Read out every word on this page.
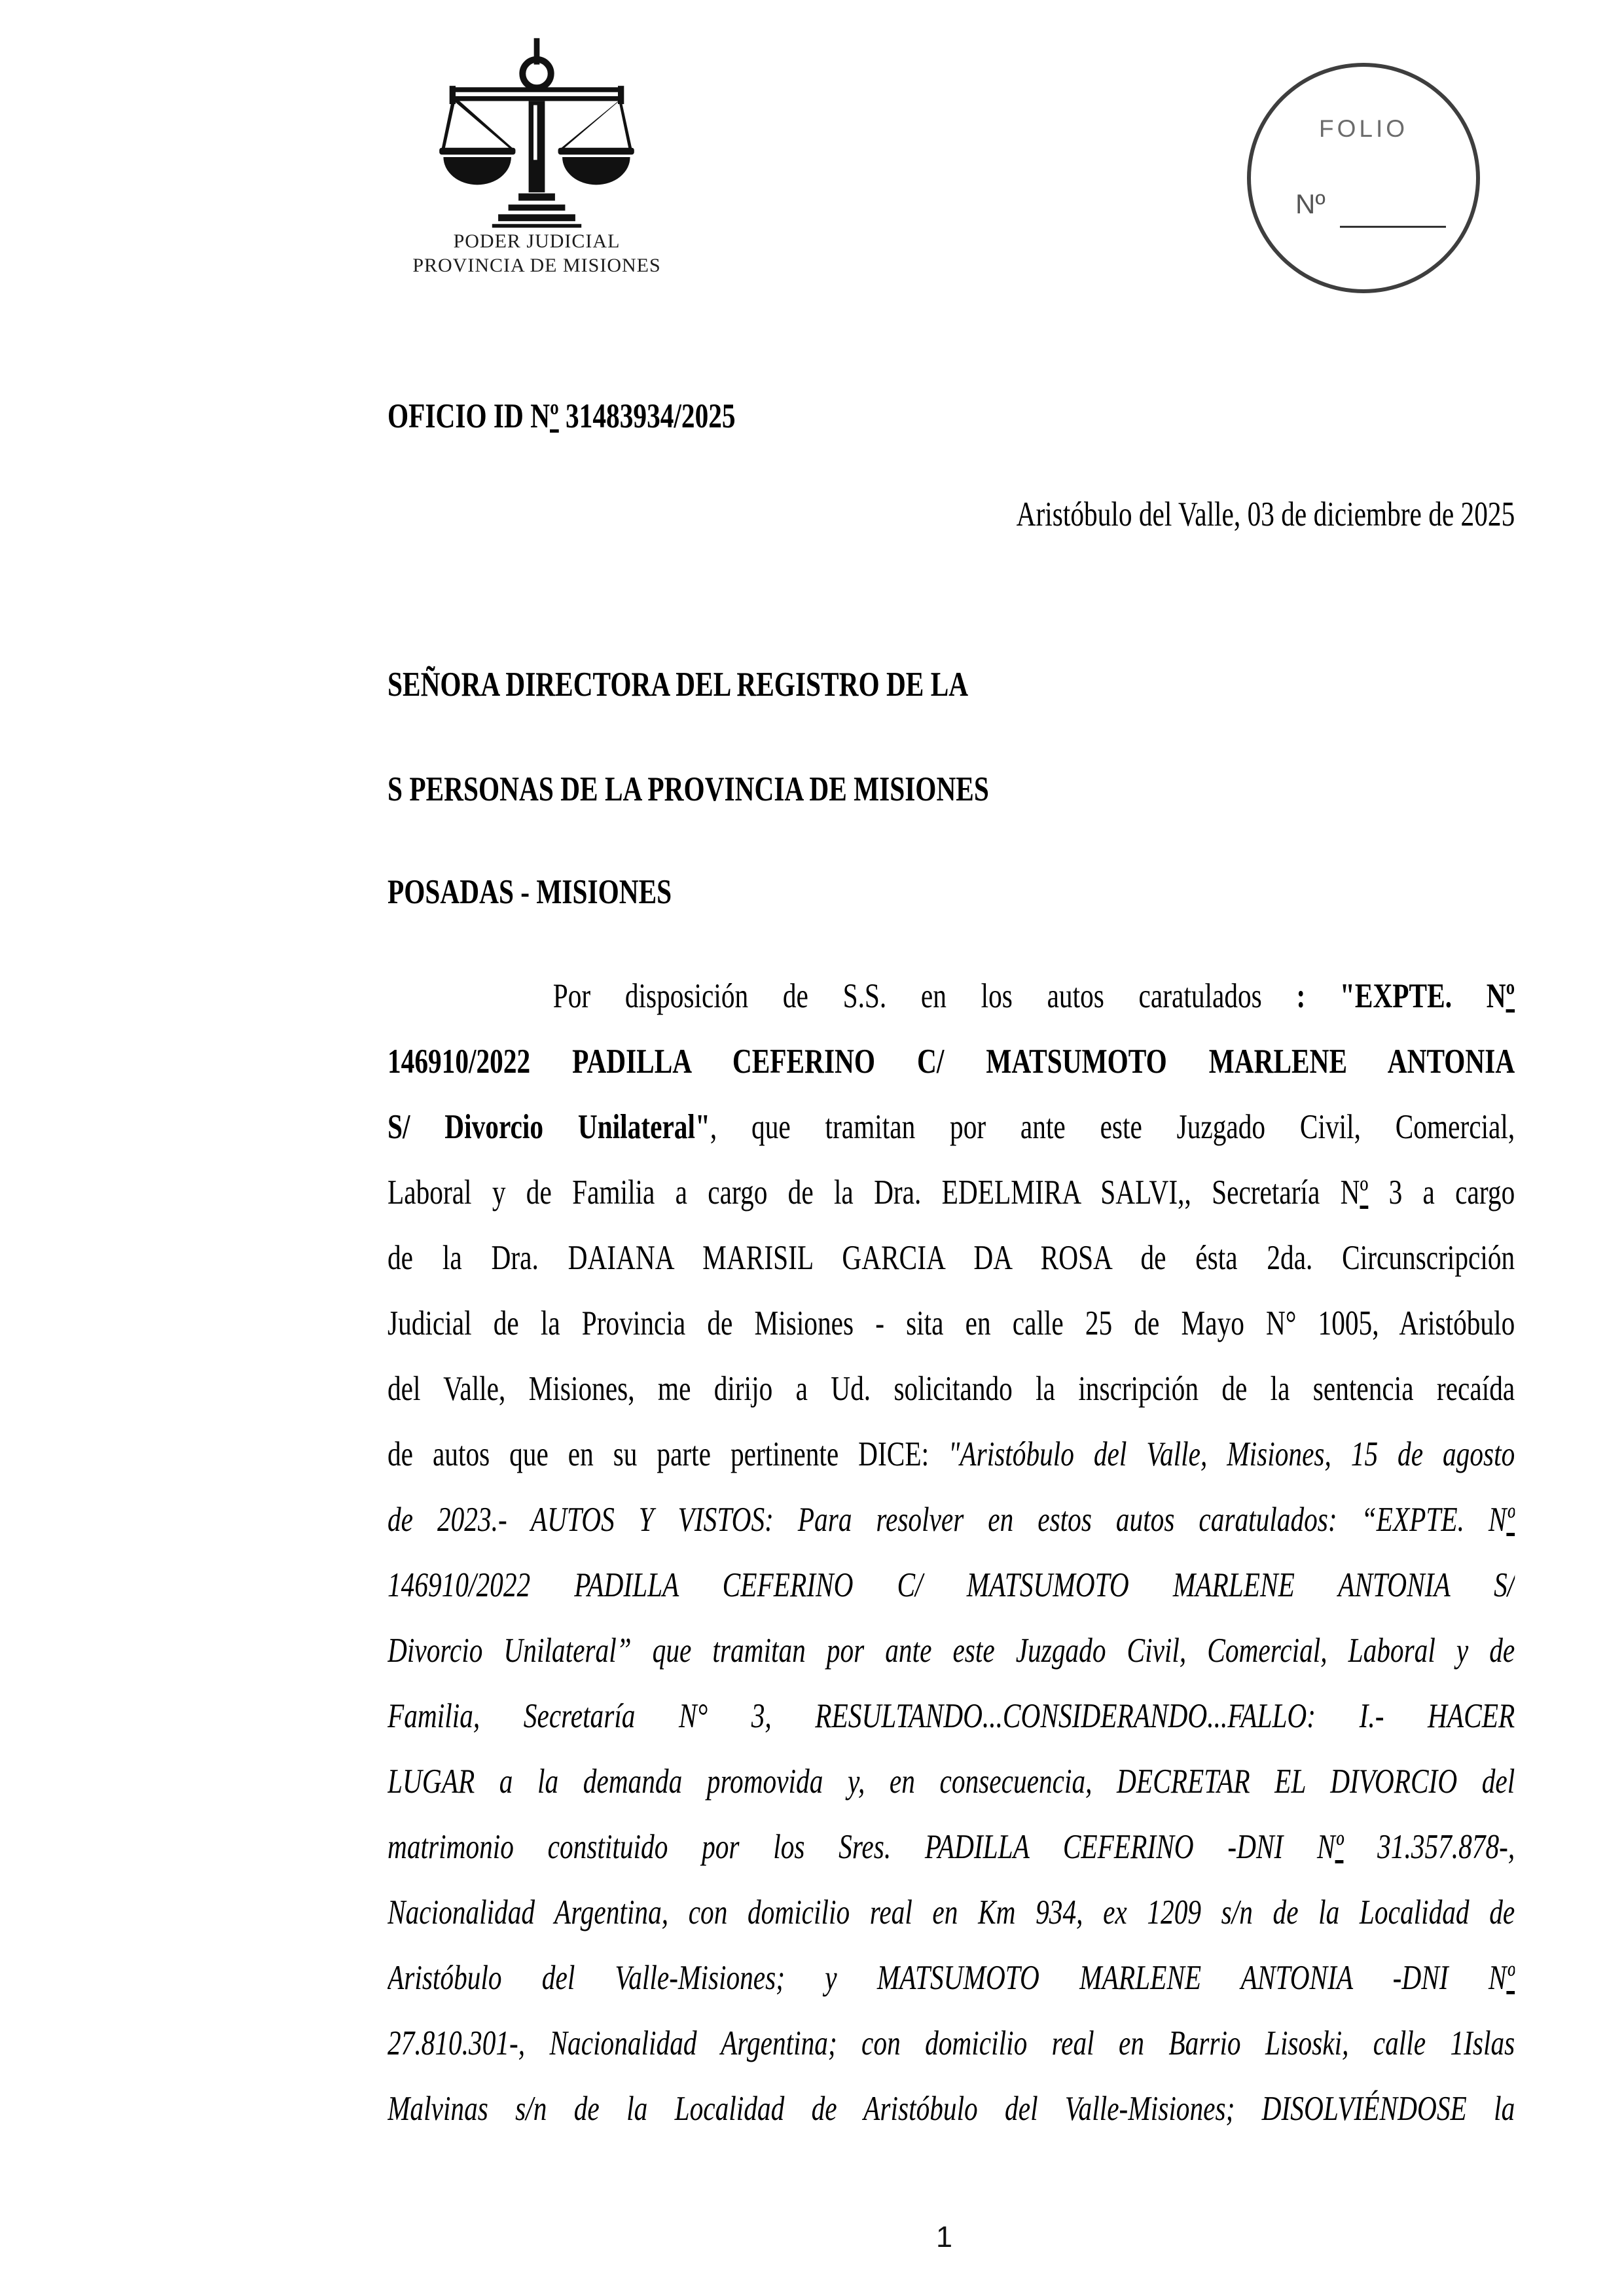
PODER JUDICIAL
PROVINCIA DE MISIONES
FOLIO
Nº
OFICIO ID Nº 31483934/2025
Aristóbulo del Valle, 03 de diciembre de 2025
SEÑORA DIRECTORA DEL REGISTRO DE LA
S PERSONAS DE LA PROVINCIA DE MISIONES
POSADAS - MISIONES
Por disposición de S.S. en los autos caratulados : "EXPTE. Nº
146910/2022 PADILLA CEFERINO C/ MATSUMOTO MARLENE ANTONIA
S/ Divorcio Unilateral", que tramitan por ante este Juzgado Civil, Comercial,
Laboral y de Familia a cargo de la Dra. EDELMIRA SALVI,, Secretaría Nº 3 a cargo
de la Dra. DAIANA MARISIL GARCIA DA ROSA de ésta 2da. Circunscripción
Judicial de la Provincia de Misiones - sita en calle 25 de Mayo N° 1005, Aristóbulo
del Valle, Misiones, me dirijo a Ud. solicitando la inscripción de la sentencia recaída
de autos que en su parte pertinente DICE: "Aristóbulo del Valle, Misiones, 15 de agosto
de 2023.- AUTOS Y VISTOS: Para resolver en estos autos caratulados: “EXPTE. Nº
146910/2022 PADILLA CEFERINO C/ MATSUMOTO MARLENE ANTONIA S/
Divorcio Unilateral” que tramitan por ante este Juzgado Civil, Comercial, Laboral y de
Familia, Secretaría N° 3, RESULTANDO...CONSIDERANDO...FALLO: I.- HACER
LUGAR a la demanda promovida y, en consecuencia, DECRETAR EL DIVORCIO del
matrimonio constituido por los Sres. PADILLA CEFERINO -DNI Nº 31.357.878-,
Nacionalidad Argentina, con domicilio real en Km 934, ex 1209 s/n de la Localidad de
Aristóbulo del Valle-Misiones; y MATSUMOTO MARLENE ANTONIA -DNI Nº
27.810.301-, Nacionalidad Argentina; con domicilio real en Barrio Lisoski, calle 1Islas
Malvinas s/n de la Localidad de Aristóbulo del Valle-Misiones; DISOLVIÉNDOSE la
1
